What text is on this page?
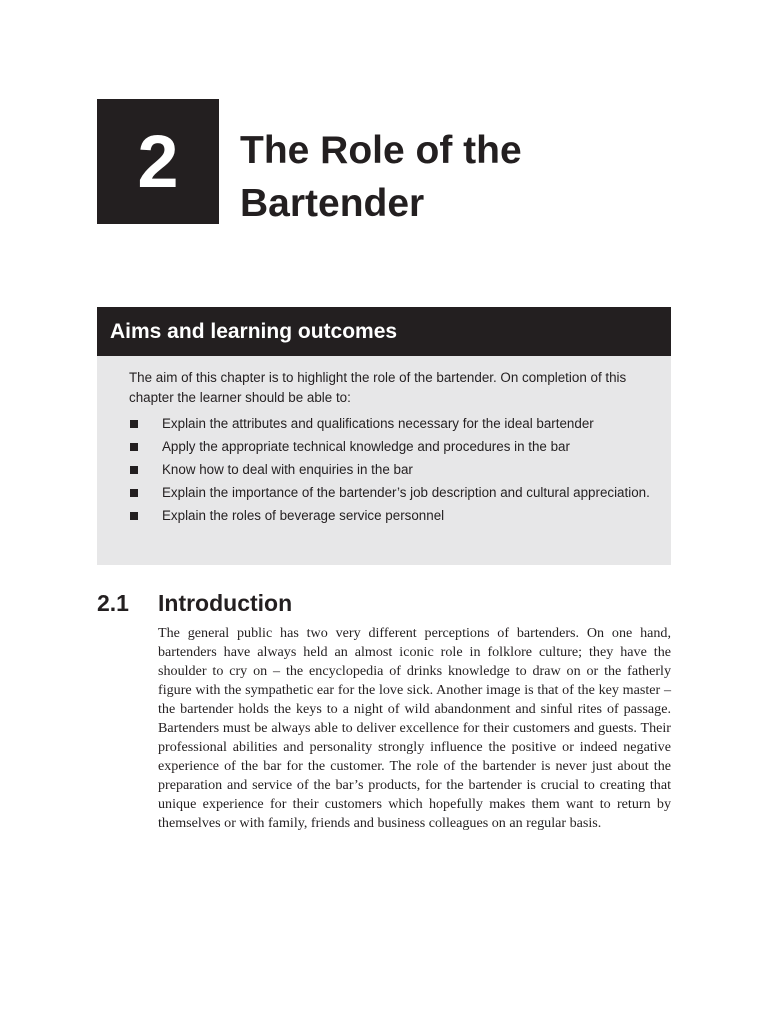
2 The Role of the Bartender
Aims and learning outcomes

The aim of this chapter is to highlight the role of the bartender. On completion of this chapter the learner should be able to:

Explain the attributes and qualifications necessary for the ideal bartender
Apply the appropriate technical knowledge and procedures in the bar
Know how to deal with enquiries in the bar
Explain the importance of the bartender’s job description and cultural appreciation.
Explain the roles of beverage service personnel
2.1 Introduction

The general public has two very different perceptions of bartenders. On one hand, bartenders have always held an almost iconic role in folklore culture; they have the shoulder to cry on – the encyclopedia of drinks knowledge to draw on or the fatherly figure with the sympathetic ear for the love sick. Another image is that of the key master – the bartender holds the keys to a night of wild abandonment and sinful rites of passage. Bartenders must be always able to deliver excellence for their customers and guests. Their professional abilities and personality strongly influence the positive or indeed negative experience of the bar for the customer. The role of the bartender is never just about the preparation and service of the bar’s products, for the bartender is crucial to creating that unique experience for their customers which hopefully makes them want to return by themselves or with family, friends and business colleagues on an regular basis.
